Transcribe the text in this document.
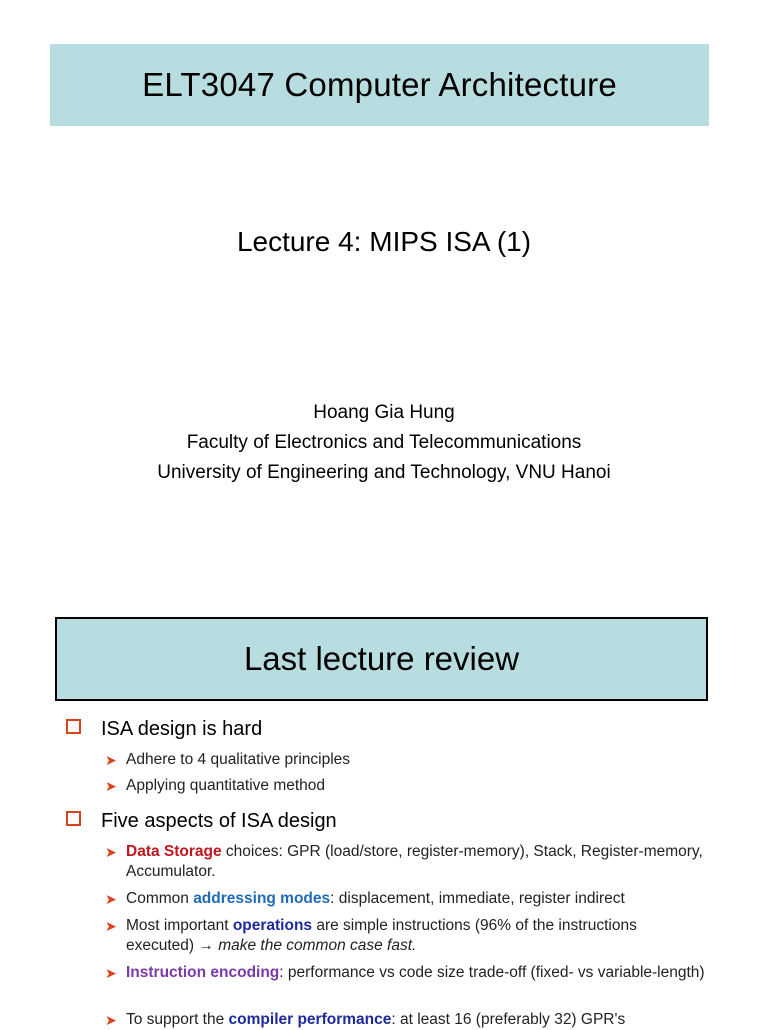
ELT3047 Computer Architecture
Lecture 4: MIPS ISA (1)
Hoang Gia Hung
Faculty of Electronics and Telecommunications
University of Engineering and Technology, VNU Hanoi
Last lecture review
ISA design is hard
➤ Adhere to 4 qualitative principles
➤ Applying quantitative method
Five aspects of ISA design
➤ Data Storage choices: GPR (load/store, register-memory), Stack, Register-memory, Accumulator.
➤ Common addressing modes: displacement, immediate, register indirect
➤ Most important operations are simple instructions (96% of the instructions executed) → make the common case fast.
➤ Instruction encoding: performance vs code size trade-off (fixed- vs variable-length)
➤ To support the compiler performance: at least 16 (preferably 32) GPR's
